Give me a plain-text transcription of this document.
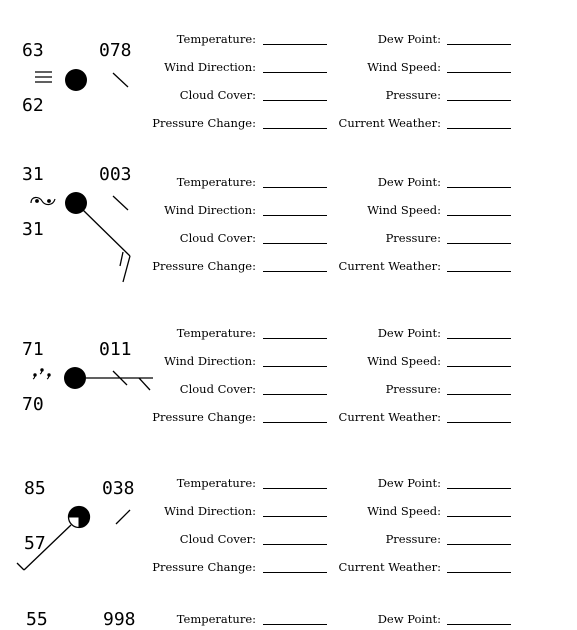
63	078
62
31	003
31
71	011
70
85	038
57
55	998
Temperature:	Dew Point:
Wind Direction:	Wind Speed:
Cloud Cover:	Pressure:
Pressure Change:	Current Weather:
Temperature:	Dew Point:
Wind Direction:	Wind Speed:
Cloud Cover:	Pressure:
Pressure Change:	Current Weather:
Temperature:	Dew Point:
Wind Direction:	Wind Speed:
Cloud Cover:	Pressure:
Pressure Change:	Current Weather:
Temperature:	Dew Point:
Wind Direction:	Wind Speed:
Cloud Cover:	Pressure:
Pressure Change:	Current Weather:
Temperature:	Dew Point:
